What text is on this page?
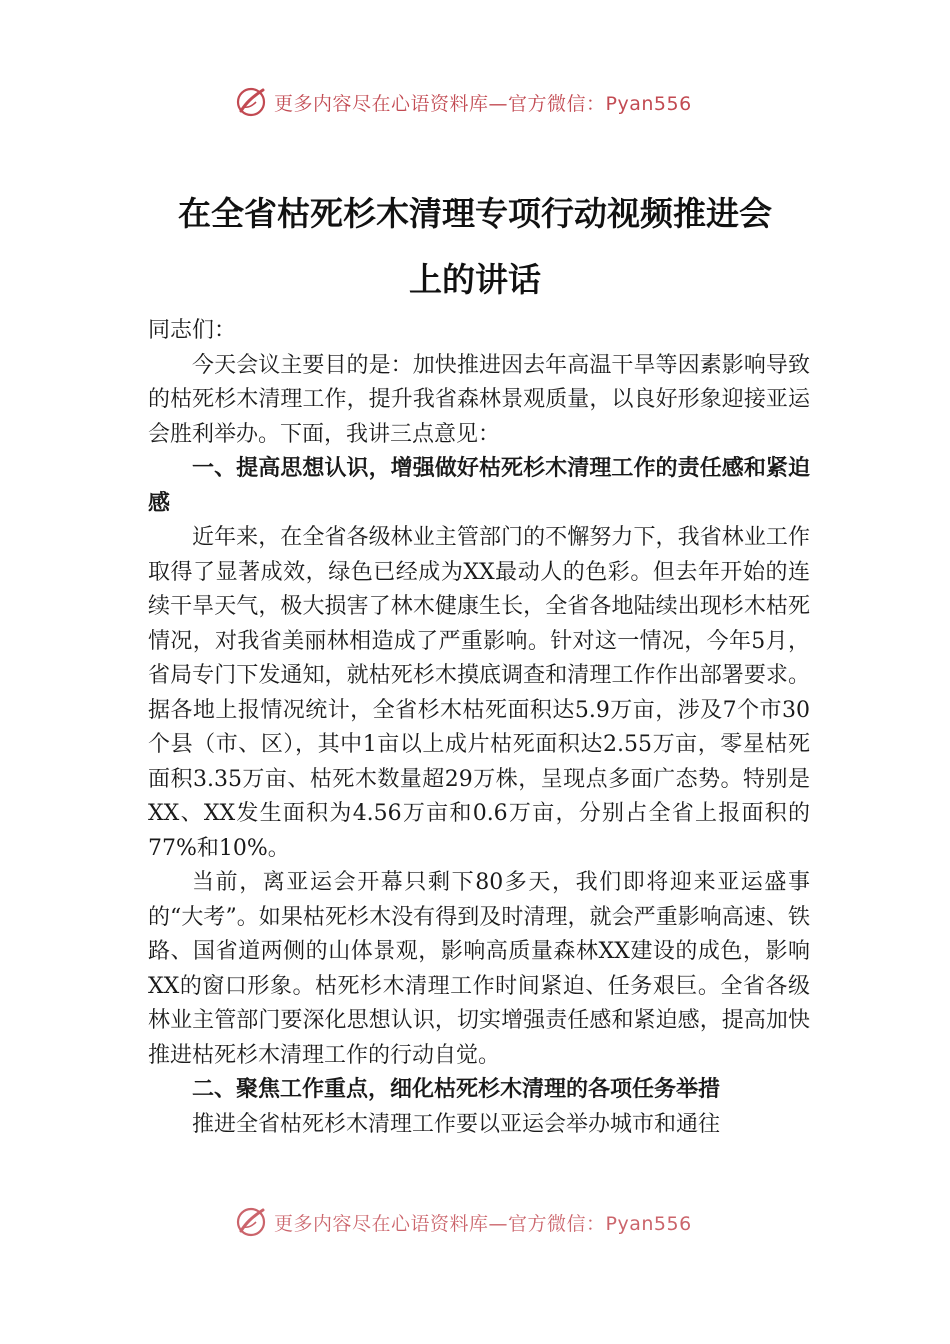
更多内容尽在心语资料库—官方微信：Pyan556
在全省枯死杉木清理专项行动视频推进会
上的讲话

同志们：

今天会议主要目的是：加快推进因去年高温干旱等因素影响导致的枯死杉木清理工作，提升我省森林景观质量，以良好形象迎接亚运会胜利举办。下面，我讲三点意见：

一、提高思想认识，增强做好枯死杉木清理工作的责任感和紧迫感

近年来，在全省各级林业主管部门的不懈努力下，我省林业工作取得了显著成效，绿色已经成为XX最动人的色彩。但去年开始的连续干旱天气，极大损害了林木健康生长，全省各地陆续出现杉木枯死情况，对我省美丽林相造成了严重影响。针对这一情况，今年5月，省局专门下发通知，就枯死杉木摸底调查和清理工作作出部署要求。据各地上报情况统计，全省杉木枯死面积达5.9万亩，涉及7个市30个县（市、区），其中1亩以上成片枯死面积达2.55万亩，零星枯死面积3.35万亩、枯死木数量超29万株，呈现点多面广态势。特别是XX、XX发生面积为4.56万亩和0.6万亩，分别占全省上报面积的77%和10%。

当前，离亚运会开幕只剩下80多天，我们即将迎来亚运盛事的“大考”。如果枯死杉木没有得到及时清理，就会严重影响高速、铁路、国省道两侧的山体景观，影响高质量森林XX建设的成色，影响XX的窗口形象。枯死杉木清理工作时间紧迫、任务艰巨。全省各级林业主管部门要深化思想认识，切实增强责任感和紧迫感，提高加快推进枯死杉木清理工作的行动自觉。

二、聚焦工作重点，细化枯死杉木清理的各项任务举措

推进全省枯死杉木清理工作要以亚运会举办城市和通往

更多内容尽在心语资料库—官方微信：Pyan556
